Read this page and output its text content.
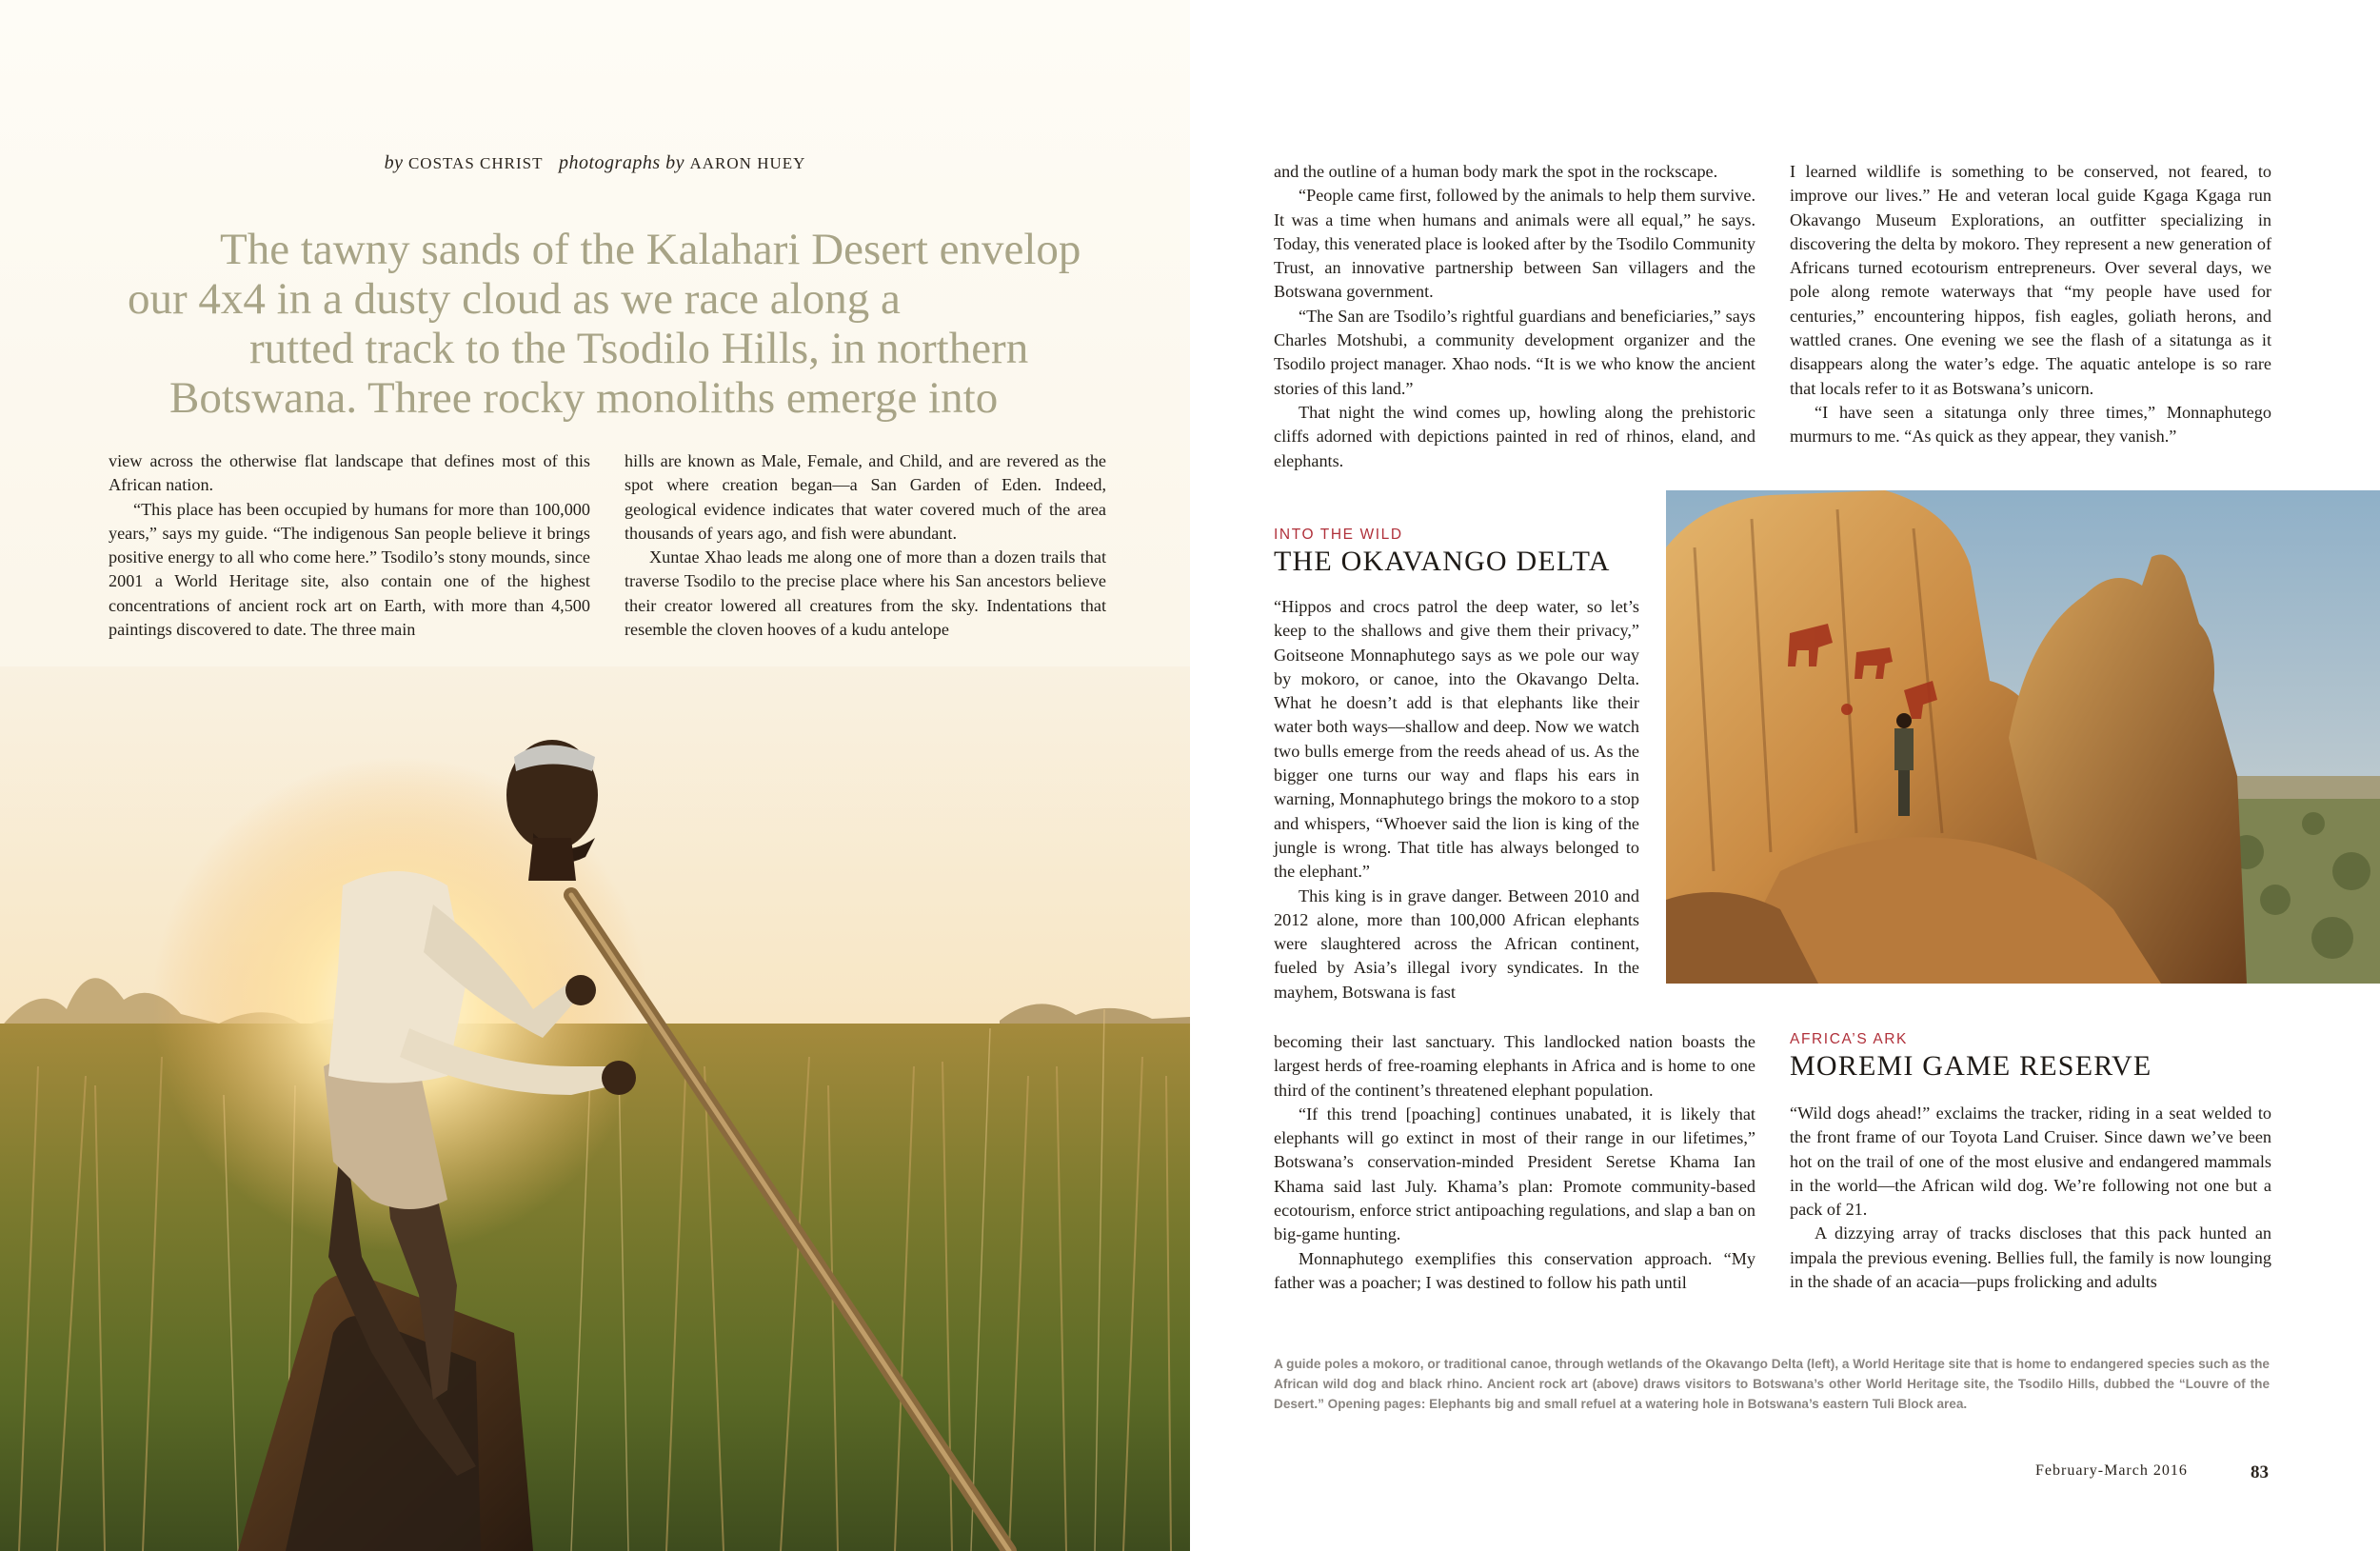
by COSTAS CHRIST photographs by AARON HUEY
The tawny sands of the Kalahari Desert envelop
our 4x4 in a dusty cloud as we race along a
rutted track to the Tsodilo Hills, in northern
Botswana. Three rocky monoliths emerge into

view across the otherwise flat landscape that defines most of this African nation.

“This place has been occupied by humans for more than 100,000 years,” says my guide. “The indigenous San people believe it brings positive energy to all who come here.” Tsodilo’s stony mounds, since 2001 a World Heritage site, also contain one of the highest concentrations of ancient rock art on Earth, with more than 4,500 paintings discovered to date. The three main

hills are known as Male, Female, and Child, and are revered as the spot where creation began—a San Garden of Eden. Indeed, geological evidence indicates that water covered much of the area thousands of years ago, and fish were abundant.

Xuntae Xhao leads me along one of more than a dozen trails that traverse Tsodilo to the precise place where his San ancestors believe their creator lowered all creatures from the sky. Indentations that resemble the cloven hooves of a kudu antelope

and the outline of a human body mark the spot in the rockscape.

“People came first, followed by the animals to help them survive. It was a time when humans and animals were all equal,” he says. Today, this venerated place is looked after by the Tsodilo Community Trust, an innovative partnership between San villagers and the Botswana government.

“The San are Tsodilo’s rightful guardians and beneficiaries,” says Charles Motshubi, a community development organizer and the Tsodilo project manager. Xhao nods. “It is we who know the ancient stories of this land.”

That night the wind comes up, howling along the prehistoric cliffs adorned with depictions painted in red of rhinos, eland, and elephants.

I learned wildlife is something to be conserved, not feared, to improve our lives.” He and veteran local guide Kgaga Kgaga run Okavango Museum Explorations, an outfitter specializing in discovering the delta by mokoro. They represent a new generation of Africans turned ecotourism entrepreneurs. Over several days, we pole along remote waterways that “my people have used for centuries,” encountering hippos, fish eagles, goliath herons, and wattled cranes. One evening we see the flash of a sitatunga as it disappears along the water’s edge. The aquatic antelope is so rare that locals refer to it as Botswana’s unicorn.

“I have seen a sitatunga only three times,” Monnaphutego murmurs to me. “As quick as they appear, they vanish.”

INTO THE WILD
THE OKAVANGO DELTA

“Hippos and crocs patrol the deep water, so let’s keep to the shallows and give them their privacy,” Goitseone Monnaphutego says as we pole our way by mokoro, or canoe, into the Okavango Delta. What he doesn’t add is that elephants like their water both ways—shallow and deep. Now we watch two bulls emerge from the reeds ahead of us. As the bigger one turns our way and flaps his ears in warning, Monnaphutego brings the mokoro to a stop and whispers, “Whoever said the lion is king of the jungle is wrong. That title has always belonged to the elephant.”

This king is in grave danger. Between 2010 and 2012 alone, more than 100,000 African elephants were slaughtered across the African continent, fueled by Asia’s illegal ivory syndicates. In the mayhem, Botswana is fast

becoming their last sanctuary. This landlocked nation boasts the largest herds of free-roaming elephants in Africa and is home to one third of the continent’s threatened elephant population.

“If this trend [poaching] continues unabated, it is likely that elephants will go extinct in most of their range in our lifetimes,” Botswana’s conservation-minded President Seretse Khama Ian Khama said last July. Khama’s plan: Promote community-based ecotourism, enforce strict antipoaching regulations, and slap a ban on big-game hunting.

Monnaphutego exemplifies this conservation approach. “My father was a poacher; I was destined to follow his path until

AFRICA’S ARK
MOREMI GAME RESERVE

“Wild dogs ahead!” exclaims the tracker, riding in a seat welded to the front frame of our Toyota Land Cruiser. Since dawn we’ve been hot on the trail of one of the most elusive and endangered mammals in the world—the African wild dog. We’re following not one but a pack of 21.

A dizzying array of tracks discloses that this pack hunted an impala the previous evening. Bellies full, the family is now lounging in the shade of an acacia—pups frolicking and adults

A guide poles a mokoro, or traditional canoe, through wetlands of the Okavango Delta (left), a World Heritage site that is home to endangered species such as the African wild dog and black rhino. Ancient rock art (above) draws visitors to Botswana’s other World Heritage site, the Tsodilo Hills, dubbed the “Louvre of the Desert.” Opening pages: Elephants big and small refuel at a watering hole in Botswana’s eastern Tuli Block area.
February-March 2016	83
